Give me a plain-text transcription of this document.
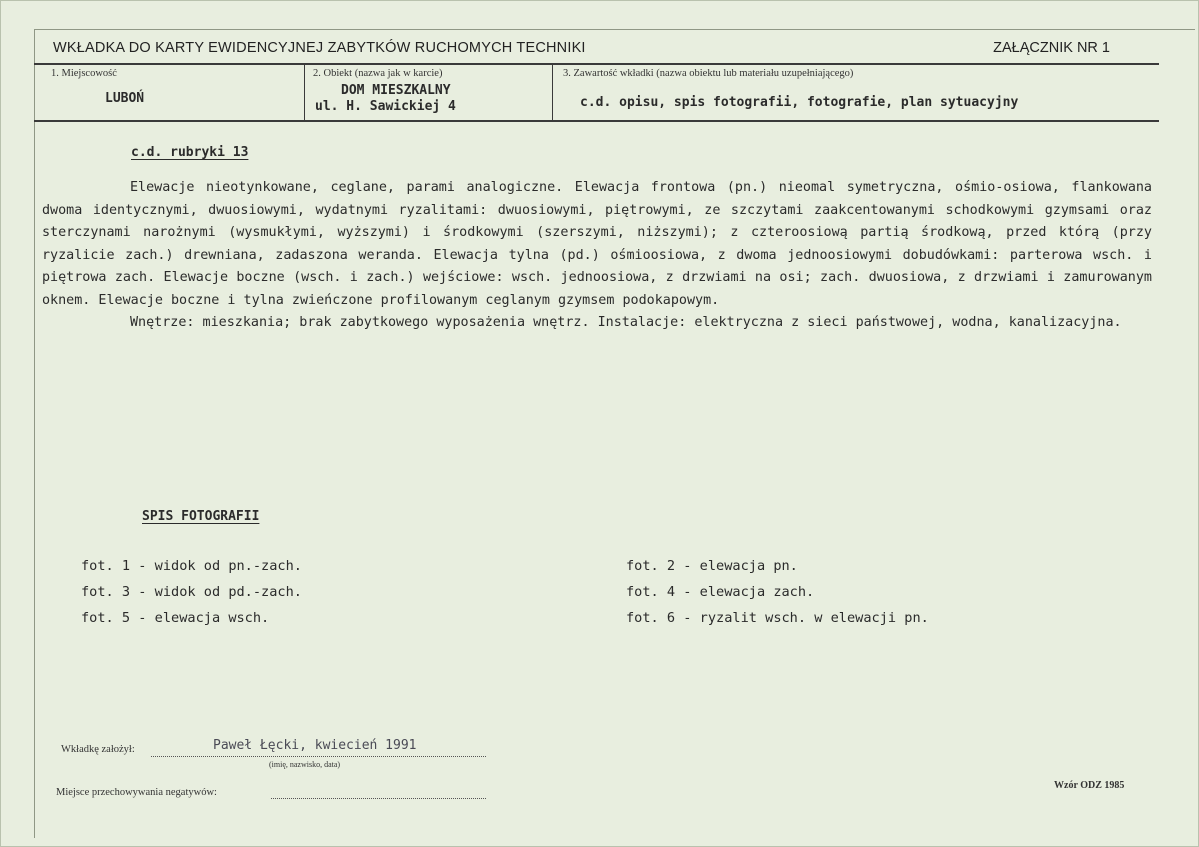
WKŁADKA DO KARTY EWIDENCYJNEJ ZABYTKÓW RUCHOMYCH TECHNIKI	ZAŁĄCZNIK NR 1
1. Miejscowość
LUBOŃ
2. Obiekt (nazwa jak w karcie)
DOM MIESZKALNY
ul. H. Sawickiej 4
3. Zawartość wkładki (nazwa obiektu lub materiału uzupełniającego)
c.d. opisu, spis fotografii, fotografie, plan sytuacyjny
c.d. rubryki 13

Elewacje nieotynkowane, ceglane, parami analogiczne. Elewacja frontowa (pn.) nieomal symetryczna, ośmio-osiowa, flankowana dwoma identycznymi, dwuosiowymi, wydatnymi ryzalitami: dwuosiowymi, piętrowymi, ze szczytami zaakcentowanymi schodkowymi gzymsami oraz sterczynami narożnymi (wysmukłymi, wyższymi) i środkowymi (szerszymi, niższymi); z czteroosiową partią środkową, przed którą (przy ryzalicie zach.) drewniana, zadaszona weranda. Elewacja tylna (pd.) ośmioosiowa, z dwoma jednoosiowymi dobudówkami: parterowa wsch. i piętrowa zach. Elewacje boczne (wsch. i zach.) wejściowe: wsch. jednoosiowa, z drzwiami na osi; zach. dwuosiowa, z drzwiami i zamurowanym oknem. Elewacje boczne i tylna zwieńczone profilowanym ceglanym gzymsem podokapowym.

Wnętrze: mieszkania; brak zabytkowego wyposażenia wnętrz. Instalacje: elektryczna z sieci państwowej, wodna, kanalizacyjna.

SPIS FOTOGRAFII
fot. 1 - widok od pn.-zach.
fot. 3 - widok od pd.-zach.
fot. 5 - elewacja wsch.
fot. 2 - elewacja pn.
fot. 4 - elewacja zach.
fot. 6 - ryzalit wsch. w elewacji pn.
Wkładkę założył:	Paweł Łęcki, kwiecień 1991
(imię, nazwisko, data)
Miejsce przechowywania negatywów:
Wzór ODZ 1985
